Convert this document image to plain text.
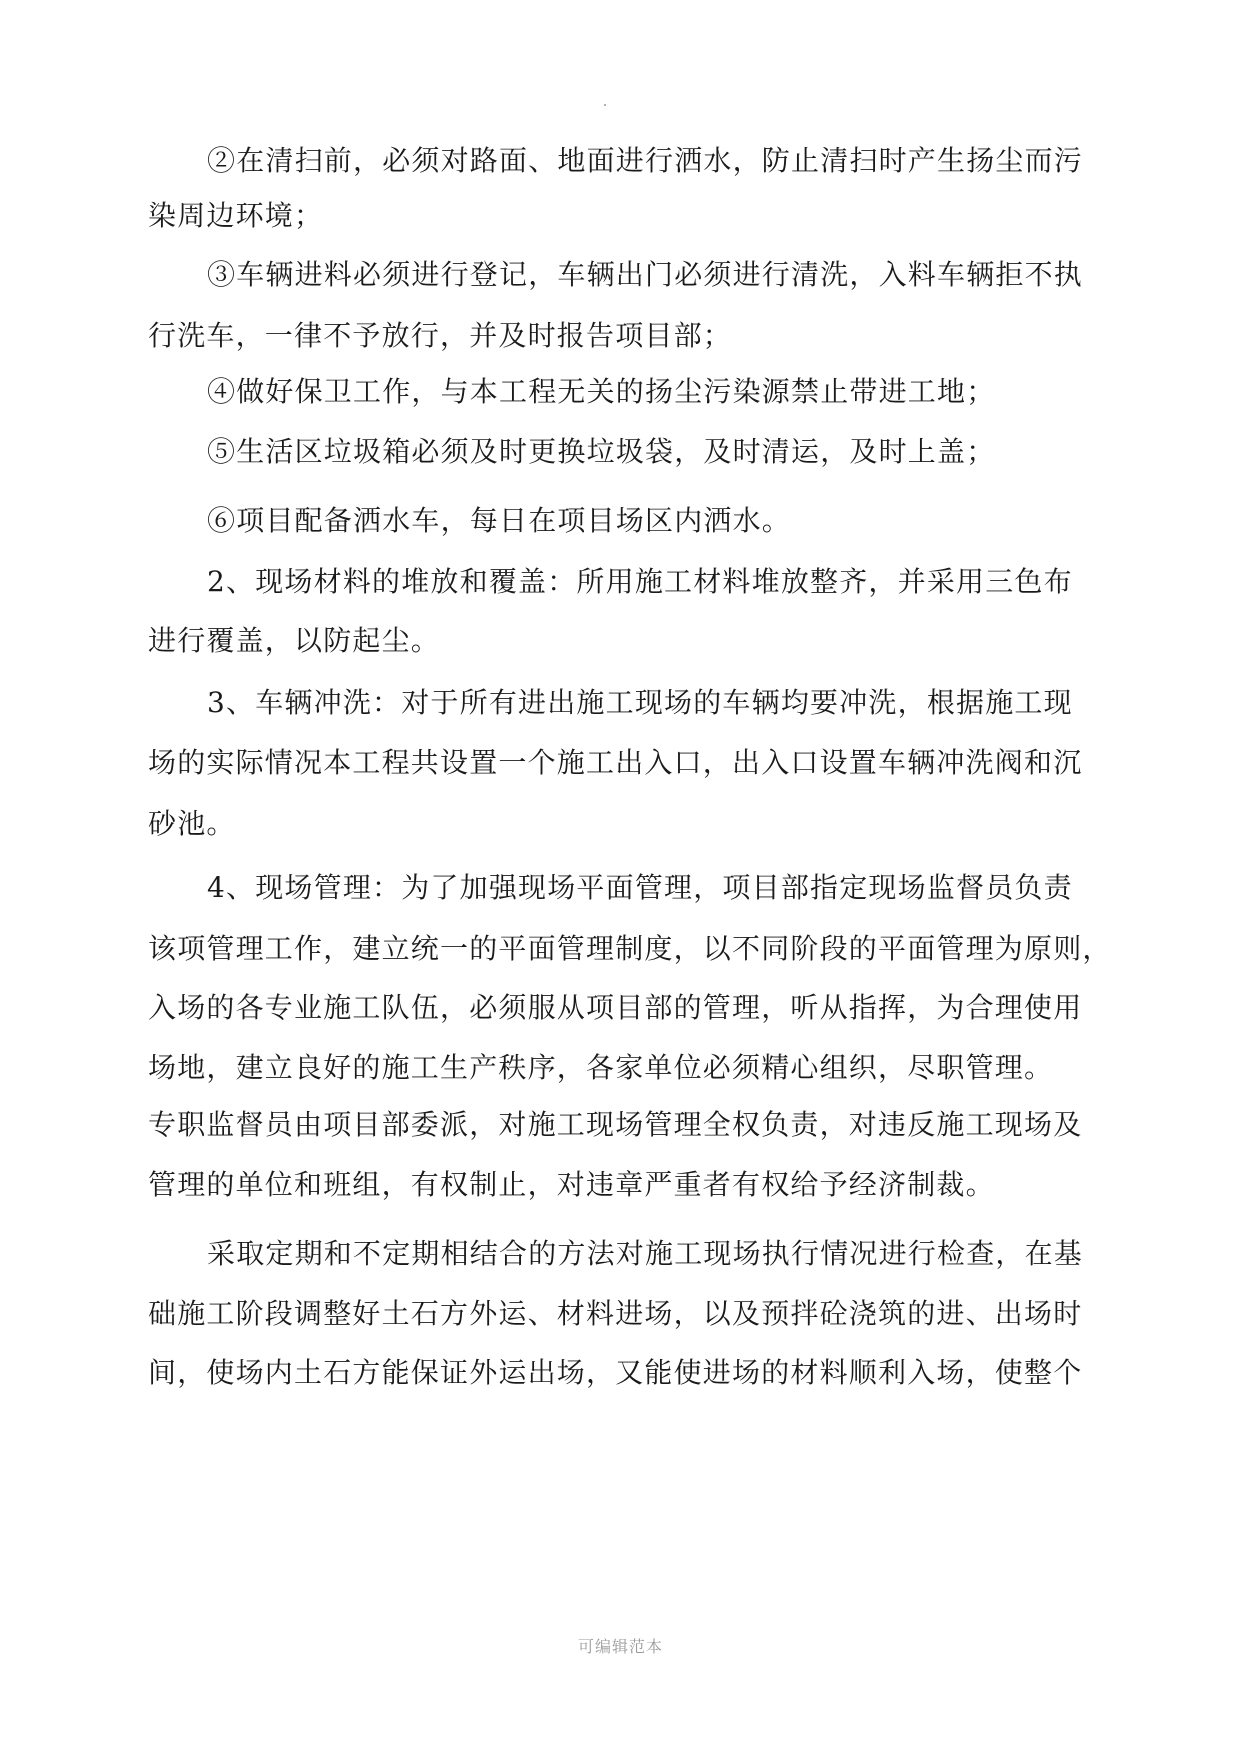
②在清扫前，必须对路面、地面进行洒水，防止清扫时产生扬尘而污
染周边环境；
③车辆进料必须进行登记，车辆出门必须进行清洗，入料车辆拒不执
行洗车，一律不予放行，并及时报告项目部；
④做好保卫工作，与本工程无关的扬尘污染源禁止带进工地；
⑤生活区垃圾箱必须及时更换垃圾袋，及时清运，及时上盖；
⑥项目配备洒水车，每日在项目场区内洒水。
2、现场材料的堆放和覆盖：所用施工材料堆放整齐，并采用三色布
进行覆盖，以防起尘。
3、车辆冲洗：对于所有进出施工现场的车辆均要冲洗，根据施工现
场的实际情况本工程共设置一个施工出入口，出入口设置车辆冲洗阀和沉
砂池。
4、现场管理：为了加强现场平面管理，项目部指定现场监督员负责
该项管理工作，建立统一的平面管理制度，以不同阶段的平面管理为原则，
入场的各专业施工队伍，必须服从项目部的管理，听从指挥，为合理使用
场地，建立良好的施工生产秩序，各家单位必须精心组织，尽职管理。
专职监督员由项目部委派，对施工现场管理全权负责，对违反施工现场及
管理的单位和班组，有权制止，对违章严重者有权给予经济制裁。
采取定期和不定期相结合的方法对施工现场执行情况进行检查，在基
础施工阶段调整好土石方外运、材料进场，以及预拌砼浇筑的进、出场时
间，使场内土石方能保证外运出场，又能使进场的材料顺利入场，使整个
可编辑范本
